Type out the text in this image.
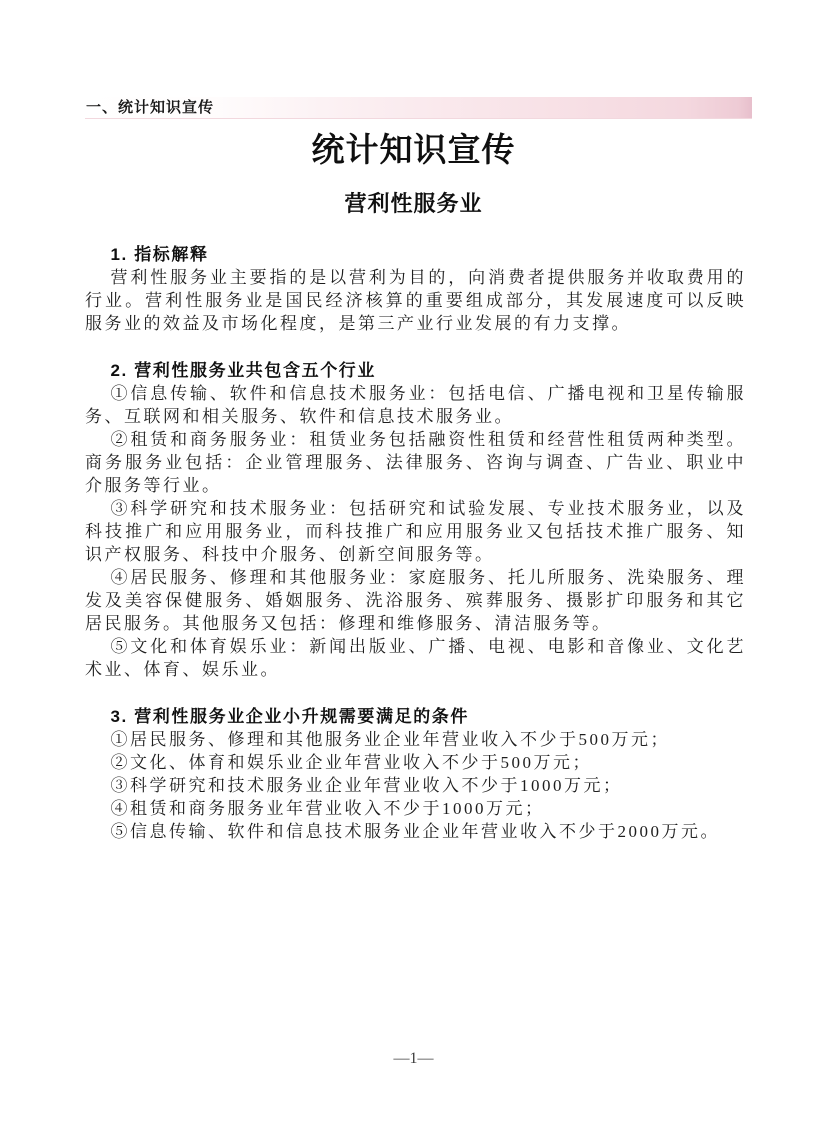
一、统计知识宣传
统计知识宣传
营利性服务业

1. 指标解释

营利性服务业主要指的是以营利为目的，向消费者提供服务并收取费用的行业。营利性服务业是国民经济核算的重要组成部分，其发展速度可以反映服务业的效益及市场化程度，是第三产业行业发展的有力支撑。

2. 营利性服务业共包含五个行业

①信息传输、软件和信息技术服务业：包括电信、广播电视和卫星传输服务、互联网和相关服务、软件和信息技术服务业。

②租赁和商务服务业：租赁业务包括融资性租赁和经营性租赁两种类型。商务服务业包括：企业管理服务、法律服务、咨询与调查、广告业、职业中介服务等行业。

③科学研究和技术服务业：包括研究和试验发展、专业技术服务业，以及科技推广和应用服务业，而科技推广和应用服务业又包括技术推广服务、知识产权服务、科技中介服务、创新空间服务等。

④居民服务、修理和其他服务业：家庭服务、托儿所服务、洗染服务、理发及美容保健服务、婚姻服务、洗浴服务、殡葬服务、摄影扩印服务和其它居民服务。其他服务又包括：修理和维修服务、清洁服务等。

⑤文化和体育娱乐业：新闻出版业、广播、电视、电影和音像业、文化艺术业、体育、娱乐业。

3. 营利性服务业企业小升规需要满足的条件

①居民服务、修理和其他服务业企业年营业收入不少于500万元；

②文化、体育和娱乐业企业年营业收入不少于500万元；

③科学研究和技术服务业企业年营业收入不少于1000万元；

④租赁和商务服务业年营业收入不少于1000万元；

⑤信息传输、软件和信息技术服务业企业年营业收入不少于2000万元。

—1—
